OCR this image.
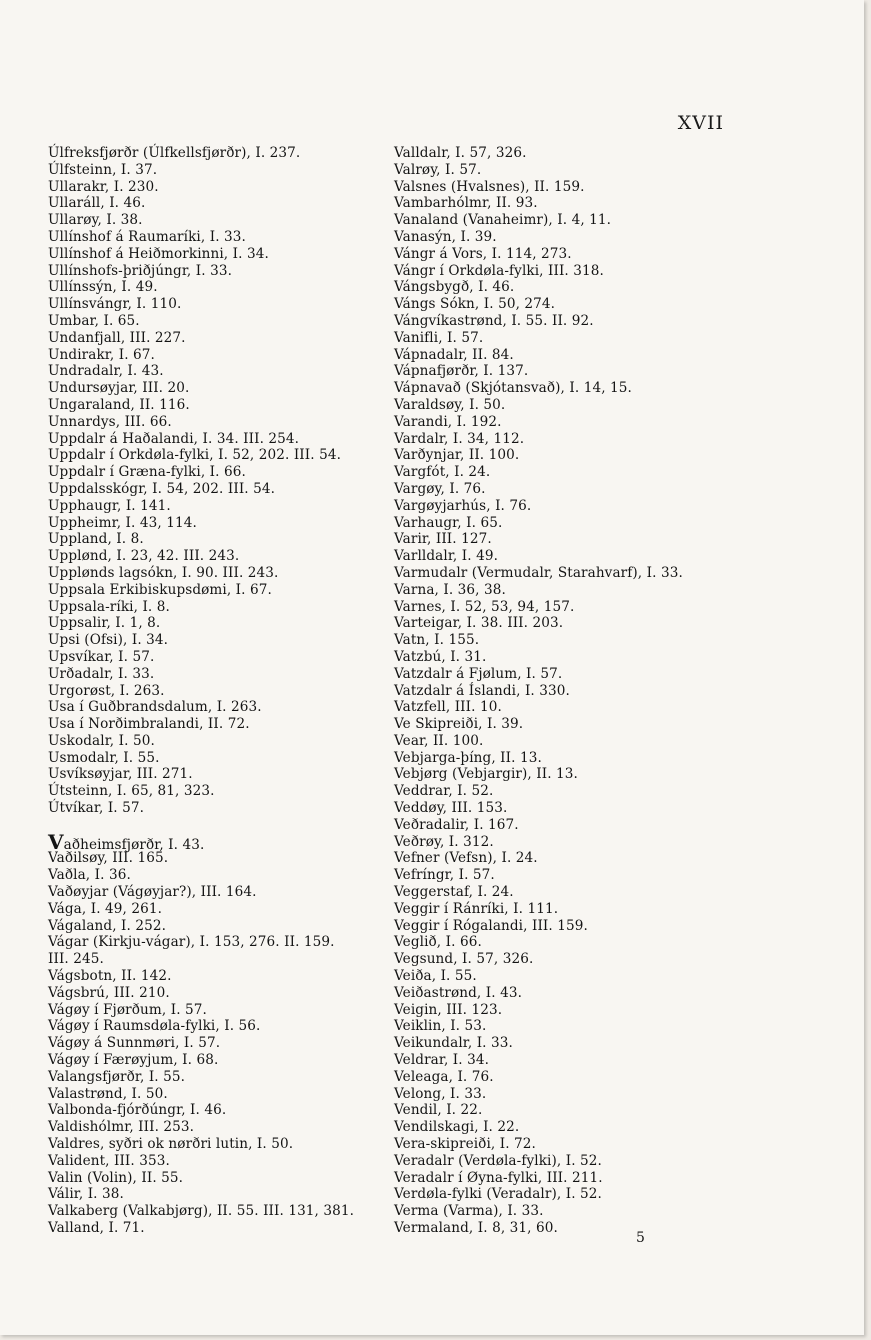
XVII
Úlfreksfjørðr (Úlfkellsfjørðr), I. 237.
Úlfsteinn, I. 37.
Ullarakr, I. 230.
Ullaráll, I. 46.
Ullarøy, I. 38.
Ullínshof á Raumaríki, I. 33.
Ullínshof á Heiðmorkinni, I. 34.
Ullínshofs-þriðjúngr, I. 33.
Ullínssýn, I. 49.
Ullínsvángr, I. 110.
Umbar, I. 65.
Undanfjall, III. 227.
Undirakr, I. 67.
Undradalr, I. 43.
Undursøyjar, III. 20.
Ungaraland, II. 116.
Unnardys, III. 66.
Uppdalr á Haðalandi, I. 34. III. 254.
Uppdalr í Orkdøla-fylki, I. 52, 202. III. 54.
Uppdalr í Græna-fylki, I. 66.
Uppdalsskógr, I. 54, 202. III. 54.
Upphaugr, I. 141.
Uppheimr, I. 43, 114.
Uppland, I. 8.
Upplønd, I. 23, 42. III. 243.
Upplønds lagsókn, I. 90. III. 243.
Uppsala Erkibiskupsdømi, I. 67.
Uppsala-ríki, I. 8.
Uppsalir, I. 1, 8.
Upsi (Ofsi), I. 34.
Upsvíkar, I. 57.
Urðadalr, I. 33.
Urgorøst, I. 263.
Usa í Guðbrandsdalum, I. 263.
Usa í Norðimbralandi, II. 72.
Uskodalr, I. 50.
Usmodalr, I. 55.
Usvíksøyjar, III. 271.
Útsteinn, I. 65, 81, 323.
Útvíkar, I. 57.
Vaðheimsfjørðr, I. 43.
Vaðilsøy, III. 165.
Vaðla, I. 36.
Vaðøyjar (Vágøyjar?), III. 164.
Vága, I. 49, 261.
Vágaland, I. 252.
Vágar (Kirkju-vágar), I. 153, 276. II. 159.
III. 245.
Vágsbotn, II. 142.
Vágsbrú, III. 210.
Vágøy í Fjørðum, I. 57.
Vágøy í Raumsdøla-fylki, I. 56.
Vágøy á Sunnmøri, I. 57.
Vágøy í Færøyjum, I. 68.
Valangsfjørðr, I. 55.
Valastrønd, I. 50.
Valbonda-fjórðúngr, I. 46.
Valdishólmr, III. 253.
Valdres, syðri ok nørðri lutin, I. 50.
Valident, III. 353.
Valin (Volin), II. 55.
Válir, I. 38.
Valkaberg (Valkabjørg), II. 55. III. 131, 381.
Valland, I. 71.
Valldalr, I. 57, 326.
Valrøy, I. 57.
Valsnes (Hvalsnes), II. 159.
Vambarhólmr, II. 93.
Vanaland (Vanaheimr), I. 4, 11.
Vanasýn, I. 39.
Vángr á Vors, I. 114, 273.
Vángr í Orkdøla-fylki, III. 318.
Vángsbygð, I. 46.
Vángs Sókn, I. 50, 274.
Vángvíkastrønd, I. 55. II. 92.
Vanifli, I. 57.
Vápnadalr, II. 84.
Vápnafjørðr, I. 137.
Vápnavað (Skjótansvað), I. 14, 15.
Varaldsøy, I. 50.
Varandi, I. 192.
Vardalr, I. 34, 112.
Varðynjar, II. 100.
Vargfót, I. 24.
Vargøy, I. 76.
Vargøyjarhús, I. 76.
Varhaugr, I. 65.
Varir, III. 127.
Varlldalr, I. 49.
Varmudalr (Vermudalr, Starahvarf), I. 33.
Varna, I. 36, 38.
Varnes, I. 52, 53, 94, 157.
Varteigar, I. 38. III. 203.
Vatn, I. 155.
Vatzbú, I. 31.
Vatzdalr á Fjølum, I. 57.
Vatzdalr á Íslandi, I. 330.
Vatzfell, III. 10.
Ve Skipreiði, I. 39.
Vear, II. 100.
Vebjarga-þíng, II. 13.
Vebjørg (Vebjargir), II. 13.
Veddrar, I. 52.
Veddøy, III. 153.
Veðradalir, I. 167.
Veðrøy, I. 312.
Vefner (Vefsn), I. 24.
Vefríngr, I. 57.
Veggerstaf, I. 24.
Veggir í Ránríki, I. 111.
Veggir í Rógalandi, III. 159.
Veglið, I. 66.
Vegsund, I. 57, 326.
Veiða, I. 55.
Veiðastrønd, I. 43.
Veigin, III. 123.
Veiklin, I. 53.
Veikundalr, I. 33.
Veldrar, I. 34.
Veleaga, I. 76.
Velong, I. 33.
Vendil, I. 22.
Vendilskagi, I. 22.
Vera-skipreiði, I. 72.
Veradalr (Verdøla-fylki), I. 52.
Veradalr í Øyna-fylki, III. 211.
Verdøla-fylki (Veradalr), I. 52.
Verma (Varma), I. 33.
Vermaland, I. 8, 31, 60.
5
